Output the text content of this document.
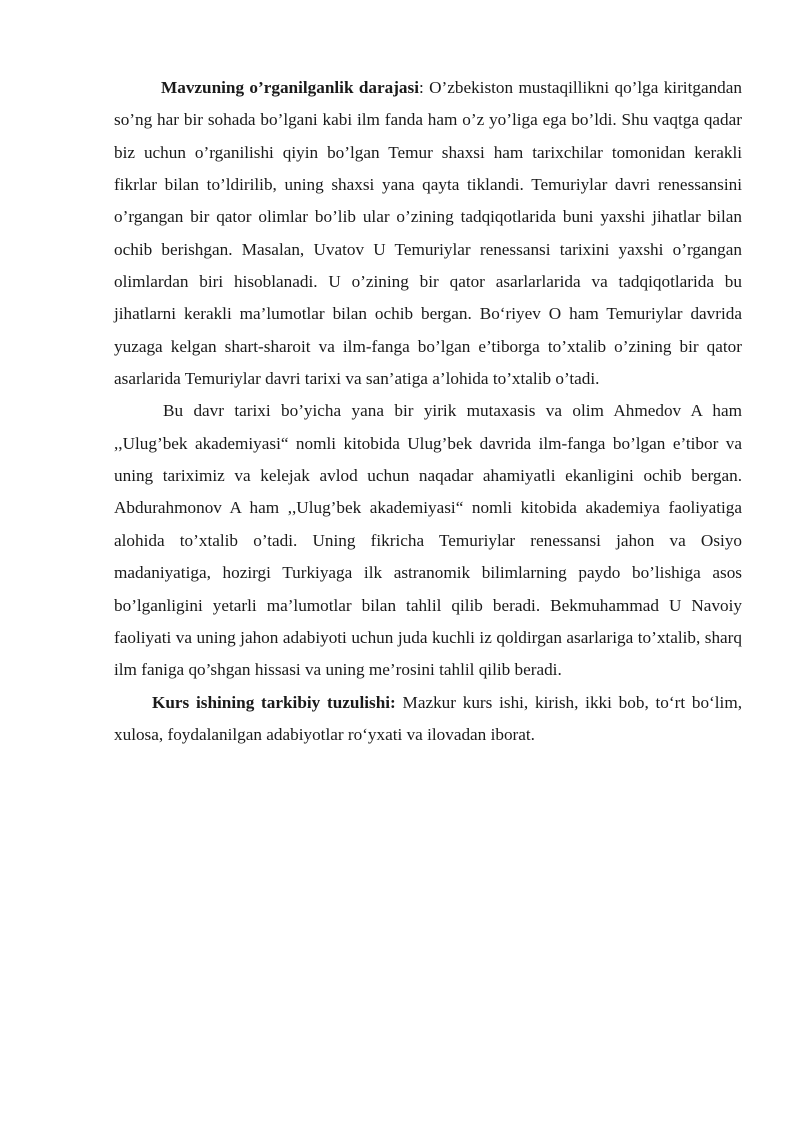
Mavzuning o’rganilganlik darajasi: O’zbekiston mustaqillikni qo’lga kiritgandan so’ng har bir sohada bo’lgani kabi ilm fanda ham o’z yo’liga ega bo’ldi. Shu vaqtga qadar biz uchun o’rganilishi qiyin bo’lgan Temur shaxsi ham tarixchilar tomonidan kerakli fikrlar bilan to’ldirilib, uning shaxsi yana qayta tiklandi. Temuriylar davri renessansini o’rgangan bir qator olimlar bo’lib ular o’zining tadqiqotlarida buni yaxshi jihatlar bilan ochib berishgan. Masalan, Uvatov U Temuriylar renessansi tarixini yaxshi o’rgangan olimlardan biri hisoblanadi. U o’zining bir qator asarlarlarida va tadqiqotlarida bu jihatlarni kerakli ma’lumotlar bilan ochib bergan. Bo‘riyev O ham Temuriylar davrida yuzaga kelgan shart-sharoit va ilm-fanga bo’lgan e’tiborga to’xtalib o’zining bir qator asarlarida Temuriylar davri tarixi va san’atiga a’lohida to’xtalib o’tadi.

Bu davr tarixi bo’yicha yana bir yirik mutaxasis va olim Ahmedov A ham ,,Ulug’bek akademiyasi“ nomli kitobida Ulug’bek davrida ilm-fanga bo’lgan e’tibor va uning tariximiz va kelejak avlod uchun naqadar ahamiyatli ekanligini ochib bergan. Abdurahmonov A ham ,,Ulug’bek akademiyasi“ nomli kitobida akademiya faoliyatiga alohida to’xtalib o’tadi. Uning fikricha Temuriylar renessansi jahon va Osiyo madaniyatiga, hozirgi Turkiyaga ilk astranomik bilimlarning paydo bo’lishiga asos bo’lganligini yetarli ma’lumotlar bilan tahlil qilib beradi. Bekmuhammad U Navoiy faoliyati va uning jahon adabiyoti uchun juda kuchli iz qoldirgan asarlariga to’xtalib, sharq ilm faniga qo’shgan hissasi va uning me’rosini tahlil qilib beradi.

Kurs ishining tarkibiy tuzulishi: Mazkur kurs ishi, kirish, ikki bob, to‘rt bo‘lim, xulosa, foydalanilgan adabiyotlar ro‘yxati va ilovadan iborat.
